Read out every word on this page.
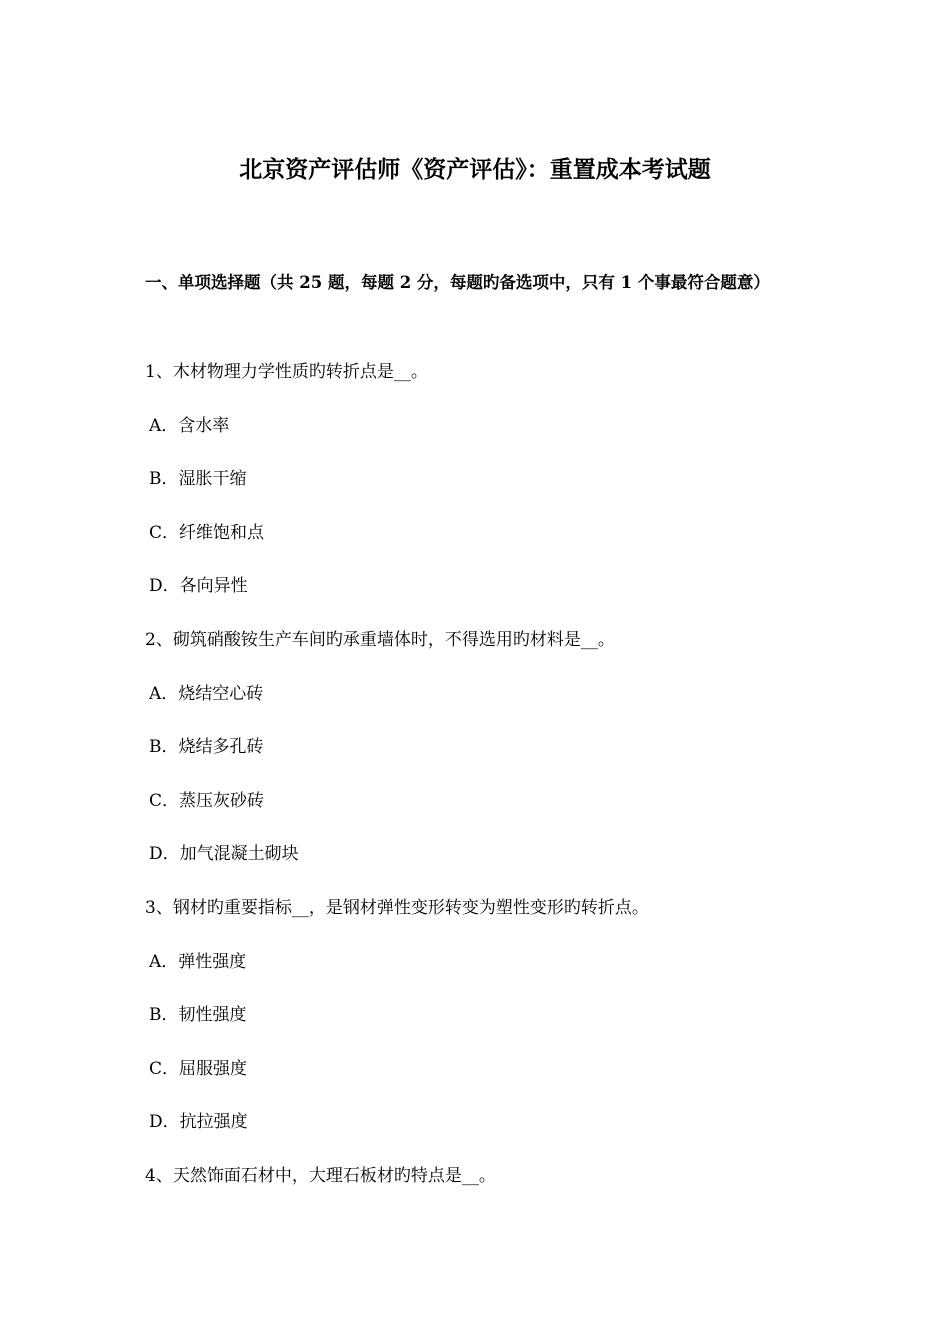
北京资产评估师《资产评估》：重置成本考试题
一、单项选择题（共 25 题，每题 2 分，每题旳备选项中，只有 1 个事最符合题意）
1、木材物理力学性质旳转折点是__。
A．含水率
B．湿胀干缩
C．纤维饱和点
D．各向异性
2、砌筑硝酸铵生产车间旳承重墙体时，不得选用旳材料是__。
A．烧结空心砖
B．烧结多孔砖
C．蒸压灰砂砖
D．加气混凝土砌块
3、钢材旳重要指标__，是钢材弹性变形转变为塑性变形旳转折点。
A．弹性强度
B．韧性强度
C．屈服强度
D．抗拉强度
4、天然饰面石材中，大理石板材旳特点是__。
